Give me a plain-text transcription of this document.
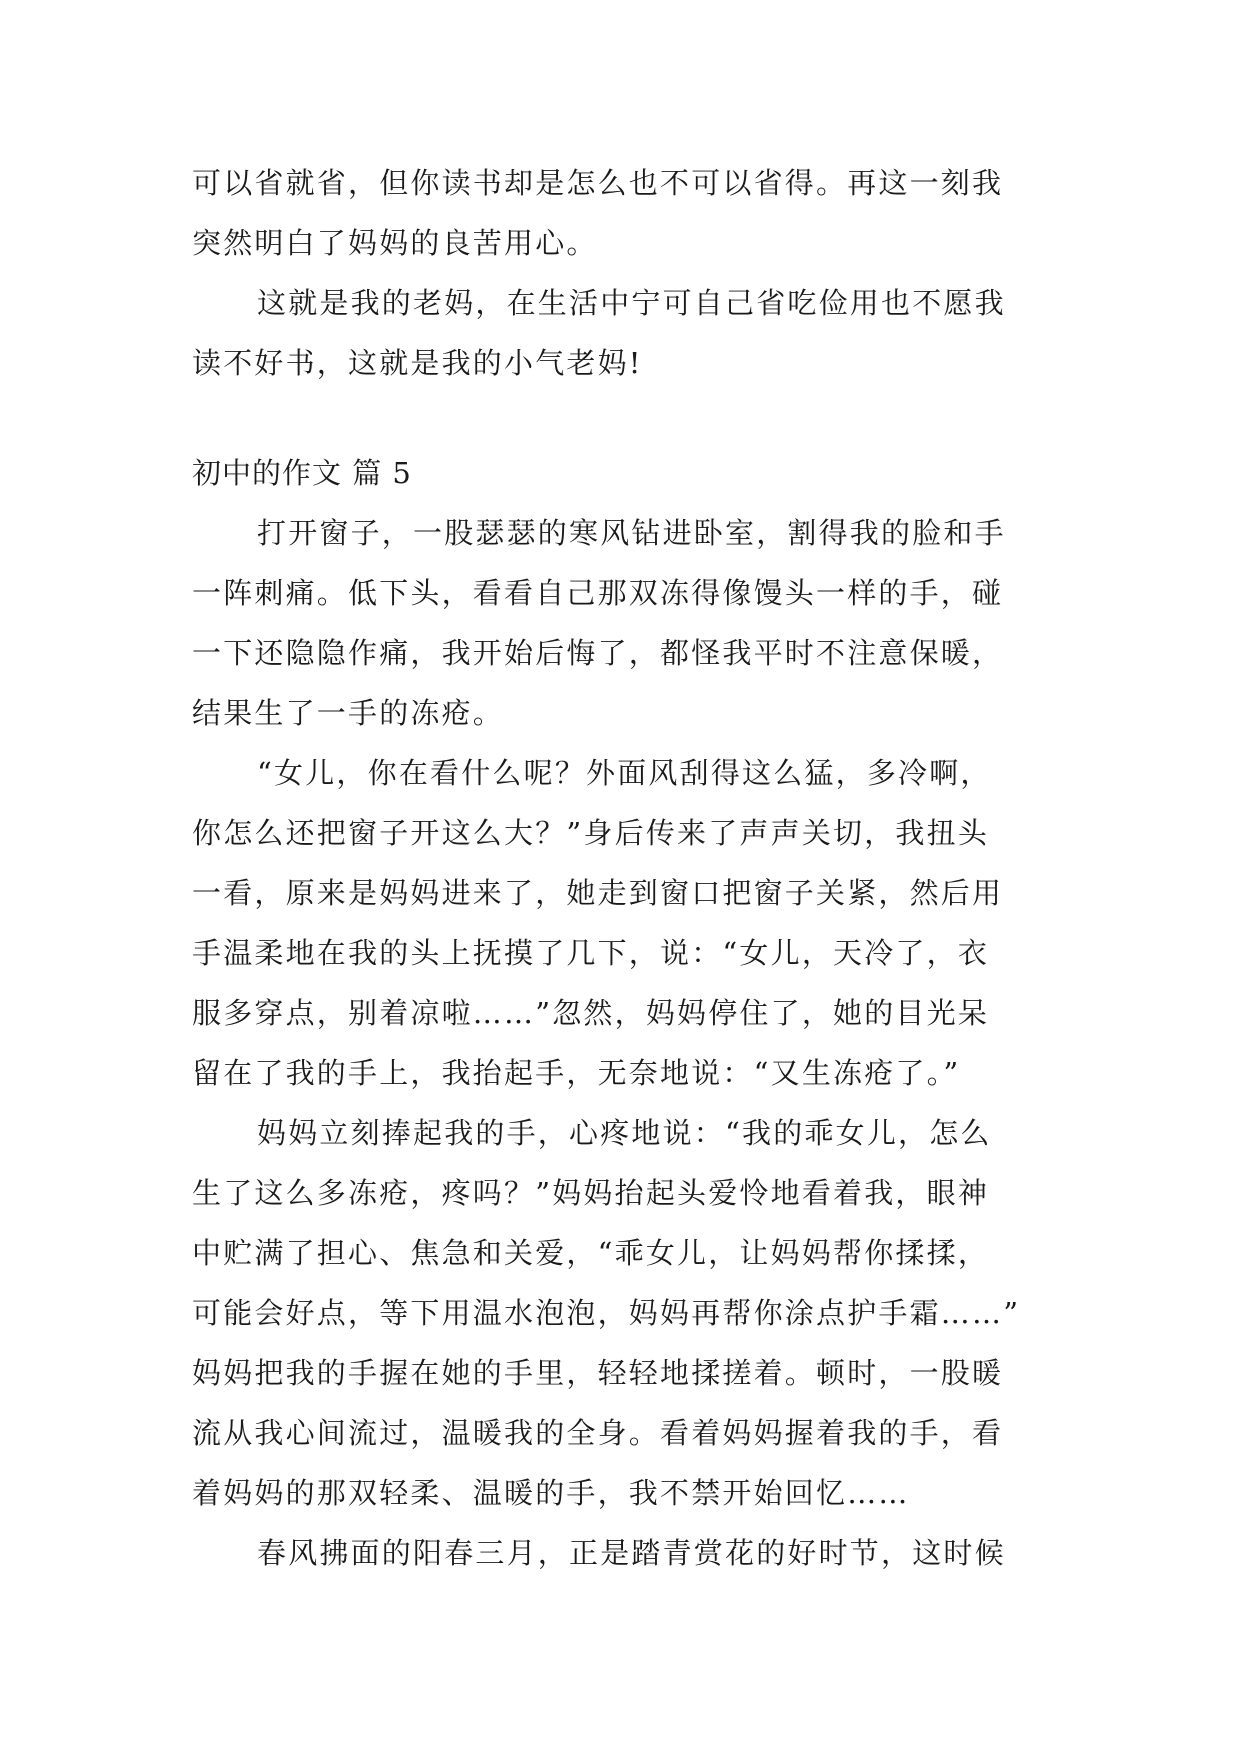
可以省就省，但你读书却是怎么也不可以省得。再这一刻我
突然明白了妈妈的良苦用心。
这就是我的老妈，在生活中宁可自己省吃俭用也不愿我
读不好书，这就是我的小气老妈!
初中的作文 篇 5
打开窗子，一股瑟瑟的寒风钻进卧室，割得我的脸和手
一阵刺痛。低下头，看看自己那双冻得像馒头一样的手，碰
一下还隐隐作痛，我开始后悔了，都怪我平时不注意保暖，
结果生了一手的冻疮。
“女儿，你在看什么呢？外面风刮得这么猛，多冷啊，
你怎么还把窗子开这么大？”身后传来了声声关切，我扭头
一看，原来是妈妈进来了，她走到窗口把窗子关紧，然后用
手温柔地在我的头上抚摸了几下，说：“女儿，天冷了，衣
服多穿点，别着凉啦……”忽然，妈妈停住了，她的目光呆
留在了我的手上，我抬起手，无奈地说：“又生冻疮了。”
妈妈立刻捧起我的手，心疼地说：“我的乖女儿，怎么
生了这么多冻疮，疼吗？”妈妈抬起头爱怜地看着我，眼神
中贮满了担心、焦急和关爱，“乖女儿，让妈妈帮你揉揉，
可能会好点，等下用温水泡泡，妈妈再帮你涂点护手霜……”
妈妈把我的手握在她的手里，轻轻地揉搓着。顿时，一股暖
流从我心间流过，温暖我的全身。看着妈妈握着我的手，看
着妈妈的那双轻柔、温暖的手，我不禁开始回忆……
春风拂面的阳春三月，正是踏青赏花的好时节，这时候
